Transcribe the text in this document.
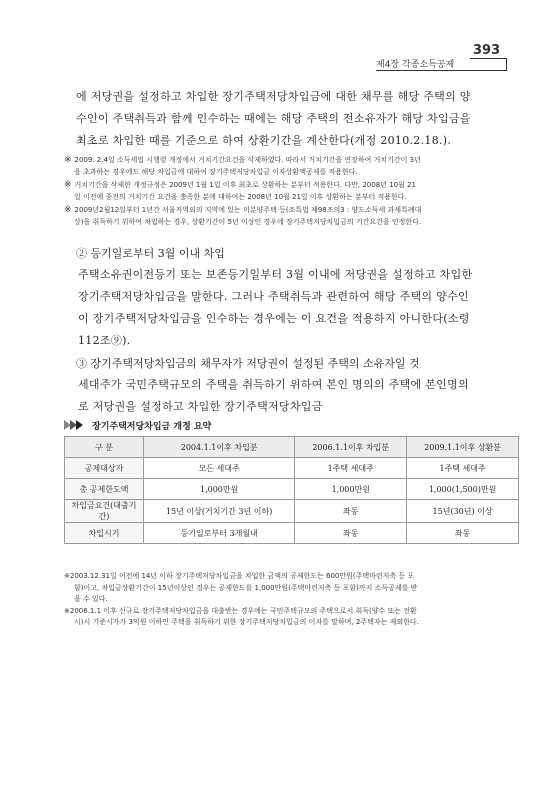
제4장 각종소득공제
393
에 저당권을 설정하고 차입한 장기주택저당차입금에 대한 채무를 해당 주택의 양
수인이 주택취득과 함께 인수하는 때에는 해당 주택의 전소유자가 해당 차입금을
최초로 차입한 때를 기준으로 하여 상환기간을 계산한다(개정 2010.2.18.).
※ 2009. 2.4일 소득세법 시행령 개정에서 거치기간요건을 삭제하였다. 따라서 거치기간을 연장하여 거치기간이 3년
을 초과하는 경우에도 해당 차입금에 대하여 장기주택저당차입금 이자상환액공제를 적용한다.
※ 거치기간을 삭제한 개정규정은 2009년 1월 1일 이후 최초로 상환하는 분부터 적용한다. 다만, 2008년 10월 21
일 이전에 종전의 거치기간 요건을 충족한 분에 대하여는 2008년 10월 21일 이후 상환하는 분부터 적용한다.
※ 2009년2월12일부터 1년간 서울지역외의 지역에 있는 미분양주택 등(조특법 제98조의3 : 양도소득세 과세특례대
상)을 취득하기 위하여 차입하는 경우, 상환기간이 5년 이상인 경우에 장기주택저당차입금의 기간요건을 인정한다.
② 등기일로부터 3월 이내 차입
주택소유권이전등기 또는 보존등기일부터 3월 이내에 저당권을 설정하고 차입한
장기주택저당차입금을 말한다. 그러나 주택취득과 관련하여 해당 주택의 양수인
이 장기주택저당차입금을 인수하는 경우에는 이 요건을 적용하지 아니한다(소령
112조⑨).
③ 장기주택저당차입금의 채무자가 저당권이 설정된 주택의 소유자일 것
세대주가 국민주택규모의 주택을 취득하기 위하여 본인 명의의 주택에 본인명의
로 저당권을 설정하고 차입한 장기주택저당차입금
장기주택저당차입금 개정 요약
구 분	2004.1.1이후 차입분	2006.1.1이후 차입분	2009.1.1이후 상환분
공제대상자	모든 세대주	1주택 세대주	1주택 세대주
총 공제한도액	1,000만원	1,000만원	1,000(1,500)만원
차입금요건(대출기간)	15년 이상(거치기간 3년 이하)	좌동	15년(30년) 이상
차입시기	등기일로부터 3개월내	좌동	좌동
※2003.12.31일 이전에 14년 이하 장기주택저당차입금을 차입한 금액의 공제한도는 600만원(주택마련저축 등 포
함)이고, 차입금상환기간이 15년이상인 경우는 공제한도를 1,000만원(주택마련저축 등 포함)까지 소득공제를 받
을 수 있다.
※2006.1.1 이후 신규로 장기주택저당차입금을 대출받는 경우에는 국민주택규모의 주택으로서 취득(양수 또는 전환
시)시 기준시가가 3억원 이하인 주택을 취득하기 위한 장기주택저당차입금의 이자를 말하며, 2주택자는 제외한다.
